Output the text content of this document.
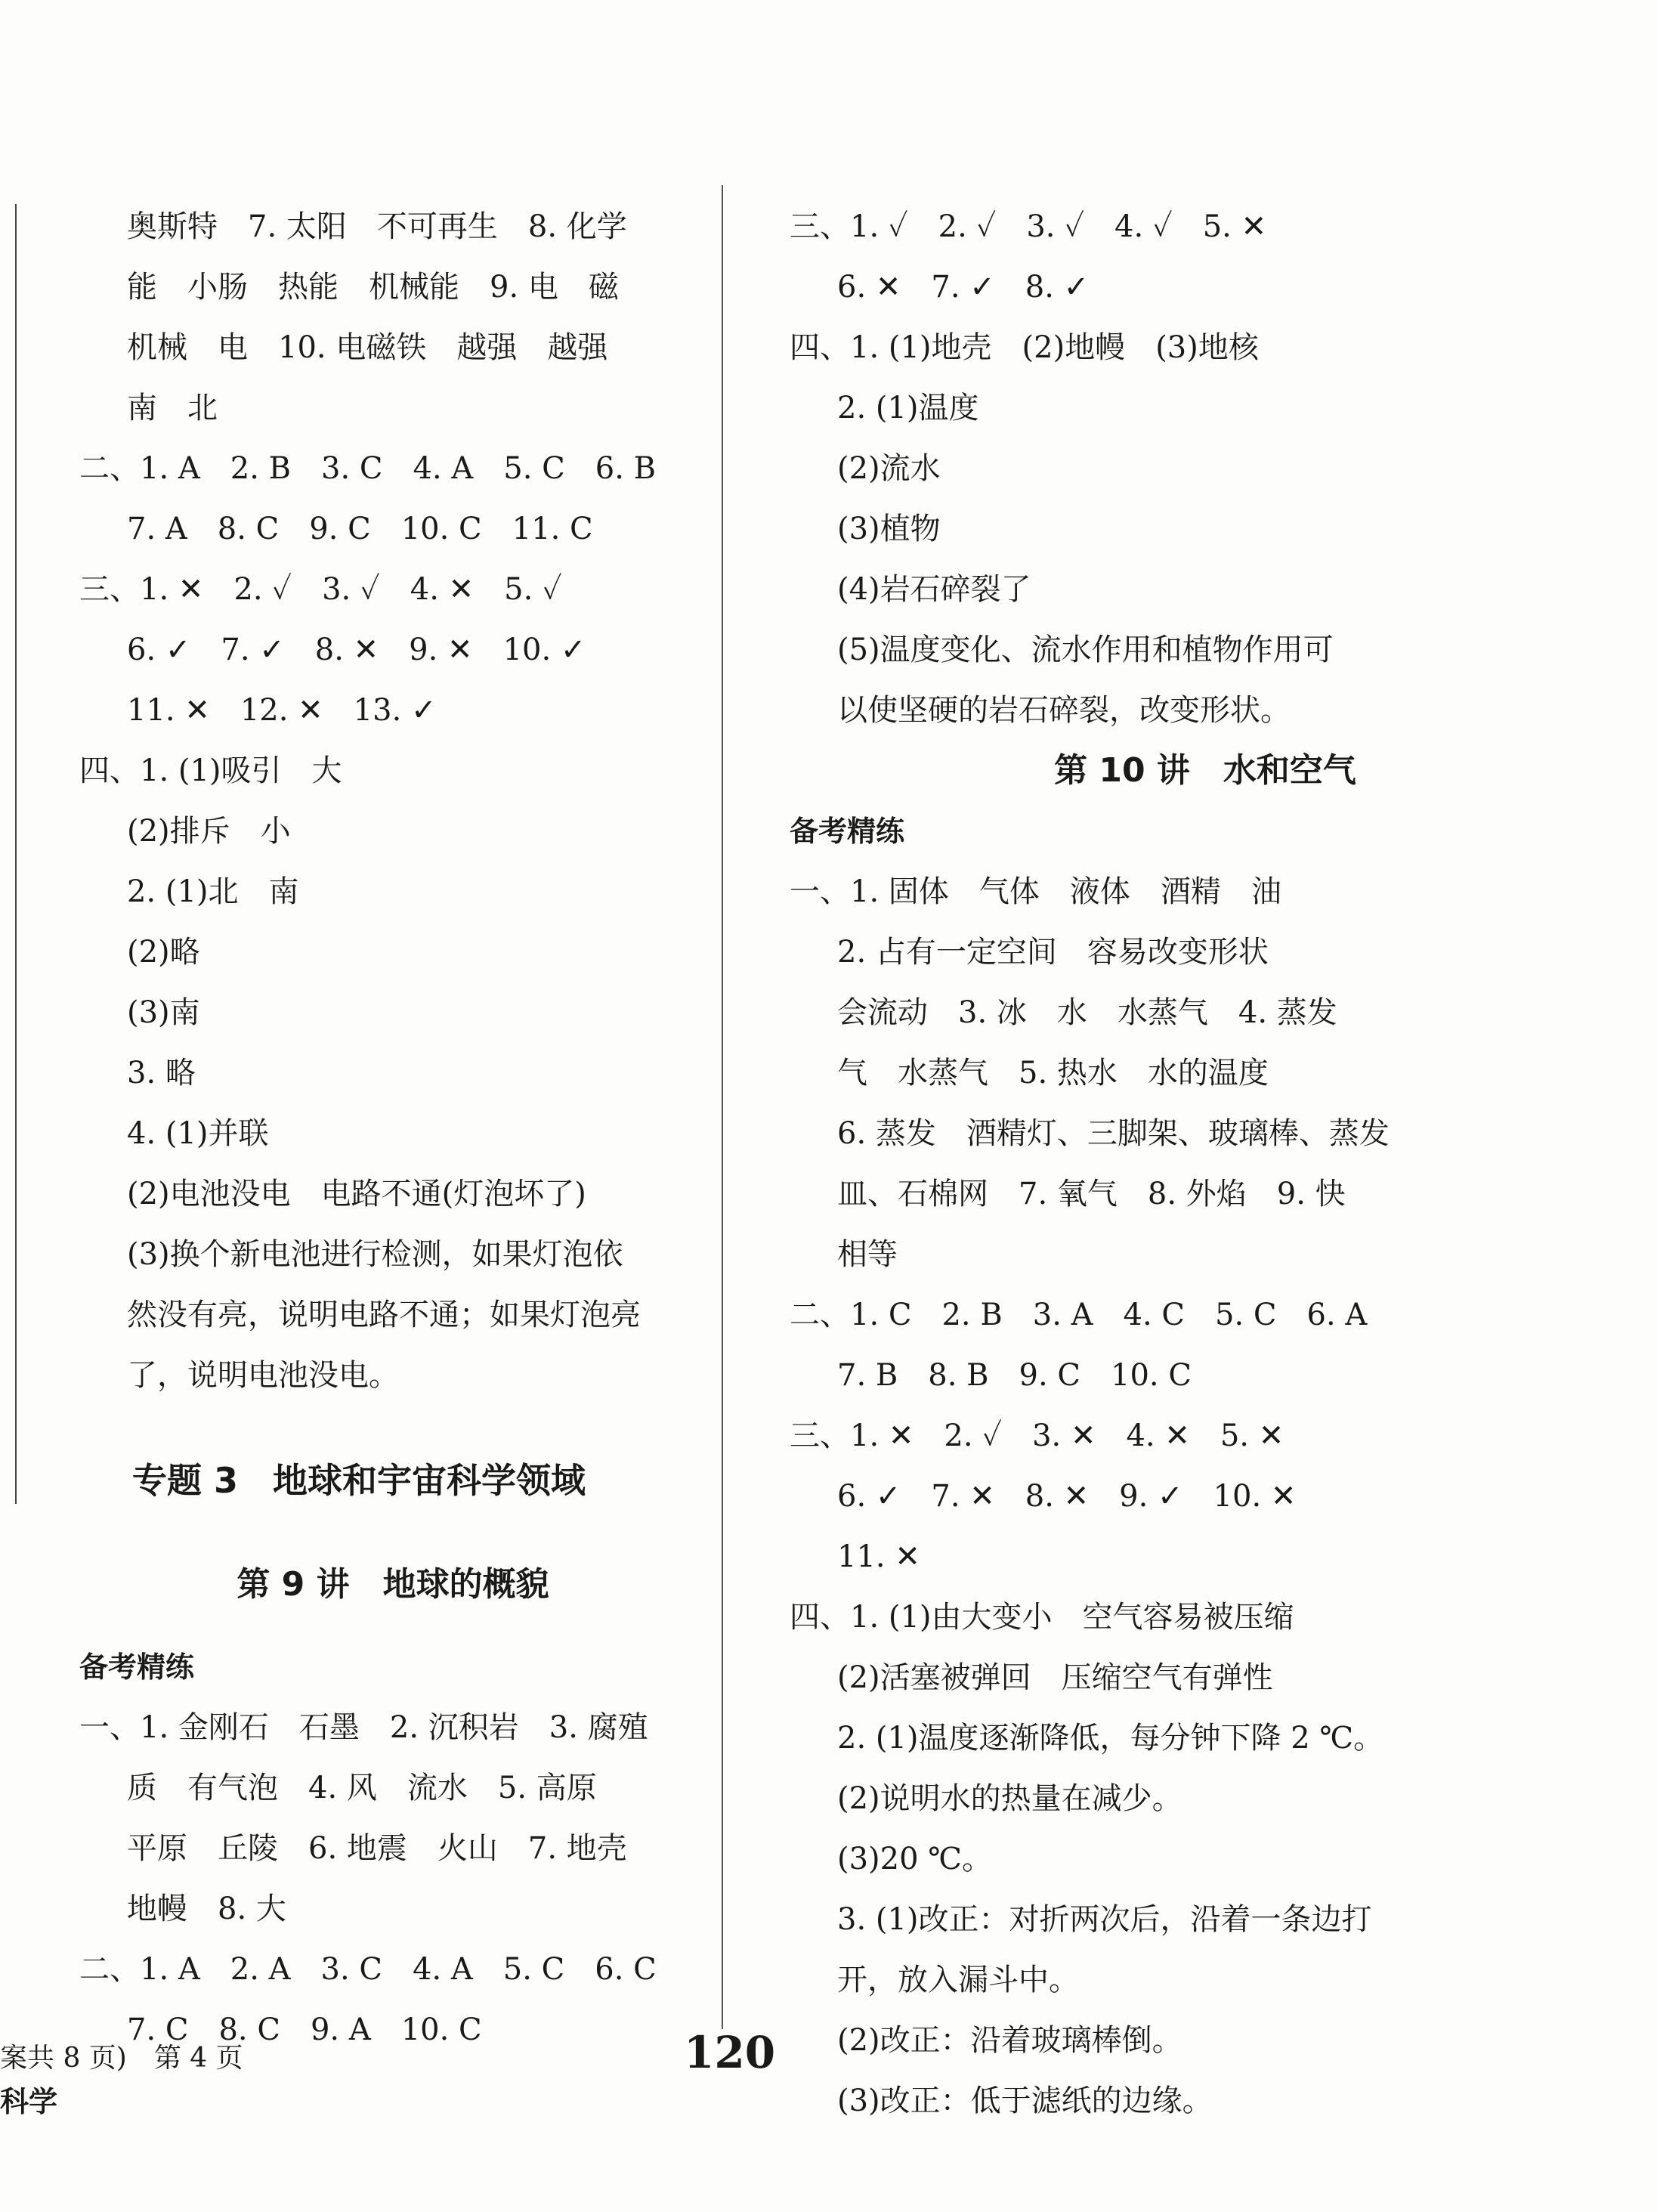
奥斯特　7. 太阳　不可再生　8. 化学
能　小肠　热能　机械能　9. 电　磁
机械　电　10. 电磁铁　越强　越强
南　北
二、1. A　2. B　3. C　4. A　5. C　6. B
7. A　8. C　9. C　10. C　11. C
三、1. ✕　2. ✓　3. ✓　4. ✕　5. ✓
6. ✓　7. ✓　8. ✕　9. ✕　10. ✓
11. ✕　12. ✕　13. ✓
四、1. (1)吸引　大
(2)排斥　小
2. (1)北　南
(2)略
(3)南
3. 略
4. (1)并联
(2)电池没电　电路不通(灯泡坏了)
(3)换个新电池进行检测，如果灯泡依
然没有亮，说明电路不通；如果灯泡亮
了，说明电池没电。
专题 3　地球和宇宙科学领域
第 9 讲　地球的概貌
备考精练
一、1. 金刚石　石墨　2. 沉积岩　3. 腐殖
质　有气泡　4. 风　流水　5. 高原
平原　丘陵　6. 地震　火山　7. 地壳
地幔　8. 大
二、1. A　2. A　3. C　4. A　5. C　6. C
7. C　8. C　9. A　10. C
三、1. ✓　2. ✓　3. ✓　4. ✓　5. ✕
6. ✕　7. ✓　8. ✓
四、1. (1)地壳　(2)地幔　(3)地核
2. (1)温度
(2)流水
(3)植物
(4)岩石碎裂了
(5)温度变化、流水作用和植物作用可
以使坚硬的岩石碎裂，改变形状。
第 10 讲　水和空气
备考精练
一、1. 固体　气体　液体　酒精　油
2. 占有一定空间　容易改变形状
会流动　3. 冰　水　水蒸气　4. 蒸发
气　水蒸气　5. 热水　水的温度
6. 蒸发　酒精灯、三脚架、玻璃棒、蒸发
皿、石棉网　7. 氧气　8. 外焰　9. 快
相等
二、1. C　2. B　3. A　4. C　5. C　6. A
7. B　8. B　9. C　10. C
三、1. ✕　2. ✓　3. ✕　4. ✕　5. ✕
6. ✓　7. ✕　8. ✕　9. ✓　10. ✕
11. ✕
四、1. (1)由大变小　空气容易被压缩
(2)活塞被弹回　压缩空气有弹性
2. (1)温度逐渐降低，每分钟下降 2 ℃。
(2)说明水的热量在减少。
(3)20 ℃。
3. (1)改正：对折两次后，沿着一条边打
开，放入漏斗中。
(2)改正：沿着玻璃棒倒。
(3)改正：低于滤纸的边缘。
案共 8 页)　第 4 页
科学
120
